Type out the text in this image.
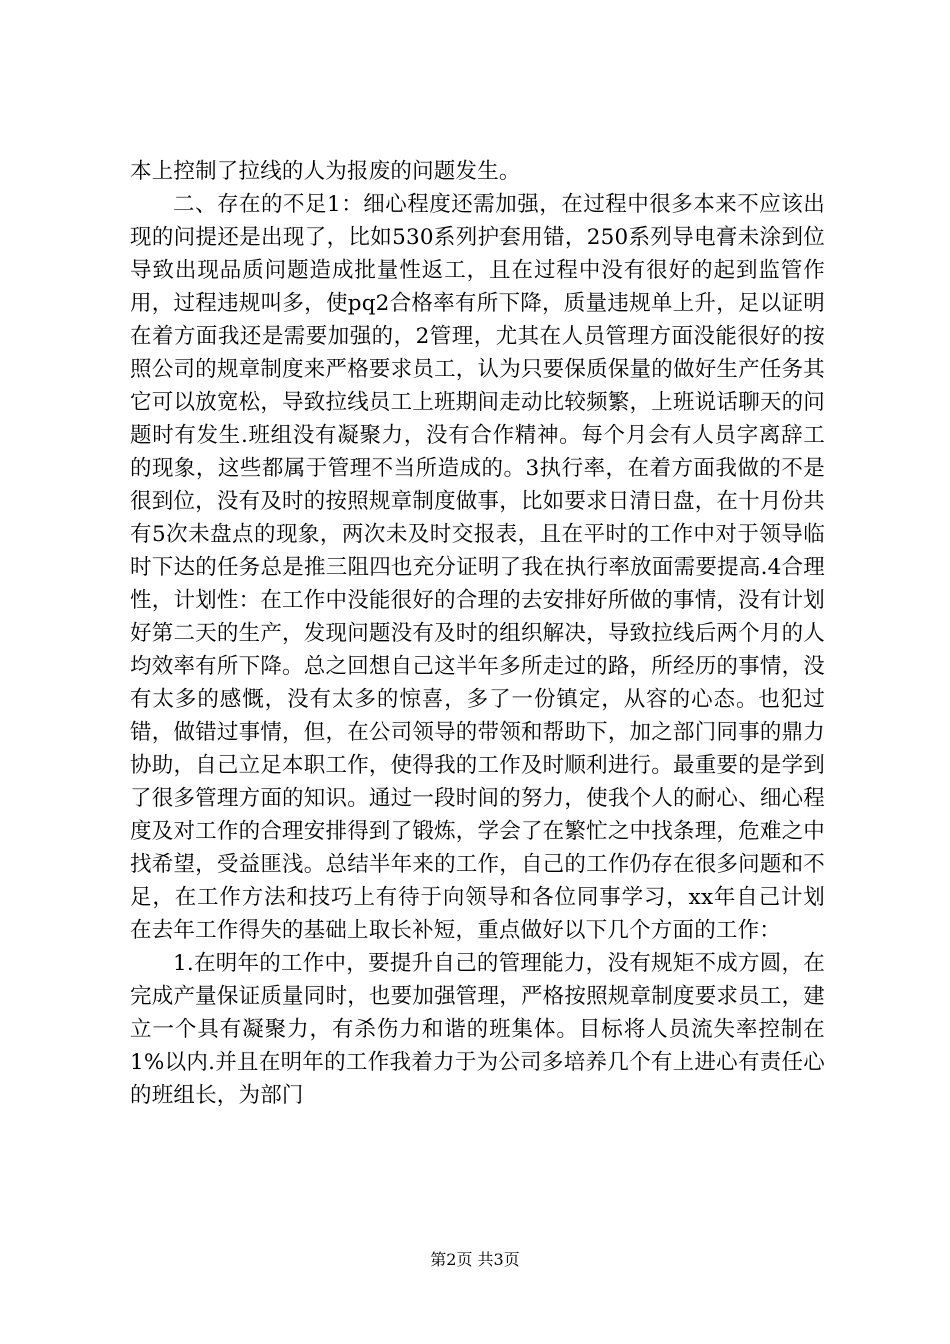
本上控制了拉线的人为报废的问题发生。

二、存在的不足1：细心程度还需加强，在过程中很多本来不应该出现的问提还是出现了，比如530系列护套用错，250系列导电膏未涂到位导致出现品质问题造成批量性返工，且在过程中没有很好的起到监管作用，过程违规叫多，使pq2合格率有所下降，质量违规单上升，足以证明在着方面我还是需要加强的，2管理，尤其在人员管理方面没能很好的按照公司的规章制度来严格要求员工，认为只要保质保量的做好生产任务其它可以放宽松，导致拉线员工上班期间走动比较频繁，上班说话聊天的问题时有发生.班组没有凝聚力，没有合作精神。每个月会有人员字离辞工的现象，这些都属于管理不当所造成的。3执行率，在着方面我做的不是很到位，没有及时的按照规章制度做事，比如要求日清日盘，在十月份共有5次未盘点的现象，两次未及时交报表，且在平时的工作中对于领导临时下达的任务总是推三阻四也充分证明了我在执行率放面需要提高.4合理性，计划性：在工作中没能很好的合理的去安排好所做的事情，没有计划好第二天的生产，发现问题没有及时的组织解决，导致拉线后两个月的人均效率有所下降。总之回想自己这半年多所走过的路，所经历的事情，没有太多的感慨，没有太多的惊喜，多了一份镇定，从容的心态。也犯过错，做错过事情，但，在公司领导的带领和帮助下，加之部门同事的鼎力协助，自己立足本职工作，使得我的工作及时顺利进行。最重要的是学到了很多管理方面的知识。通过一段时间的努力，使我个人的耐心、细心程度及对工作的合理安排得到了锻炼，学会了在繁忙之中找条理，危难之中找希望，受益匪浅。总结半年来的工作，自己的工作仍存在很多问题和不足，在工作方法和技巧上有待于向领导和各位同事学习，xx年自己计划在去年工作得失的基础上取长补短，重点做好以下几个方面的工作：

1.在明年的工作中，要提升自己的管理能力，没有规矩不成方圆，在完成产量保证质量同时，也要加强管理，严格按照规章制度要求员工，建立一个具有凝聚力，有杀伤力和谐的班集体。目标将人员流失率控制在1%以内.并且在明年的工作我着力于为公司多培养几个有上进心有责任心的班组长，为部门

第2页 共3页
